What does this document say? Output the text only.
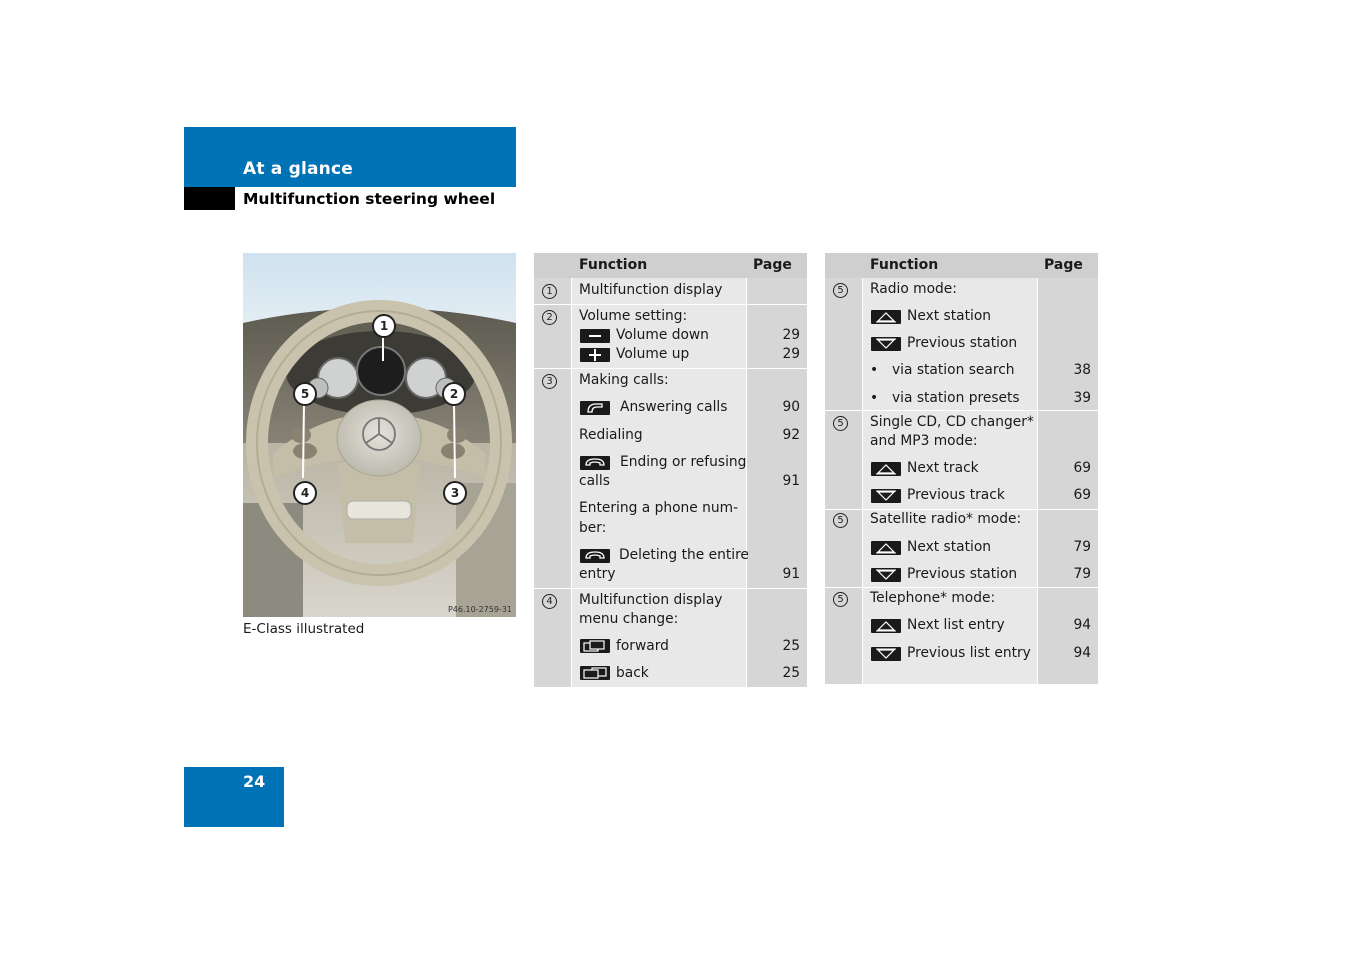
At a glance
Multifunction steering wheel
1
2
3
4
5
P46.10-2759-31
E-Class illustrated
Function	Page
1	Multifunction display
2	Volume setting:
Volume down	29
Volume up	29
3	Making calls:
Answering calls	90
Redialing	92
Ending or refusing
calls	91
Entering a phone num-
ber:
Deleting the entire
entry	91
4	Multifunction display
menu change:
forward	25
back	25
Function	Page
5	Radio mode:
Next station
Previous station
• via station search	38
• via station presets	39
5	Single CD, CD changer*
and MP3 mode:
Next track	69
Previous track	69
5	Satellite radio* mode:
Next station	79
Previous station	79
5	Telephone* mode:
Next list entry	94
Previous list entry	94
24
